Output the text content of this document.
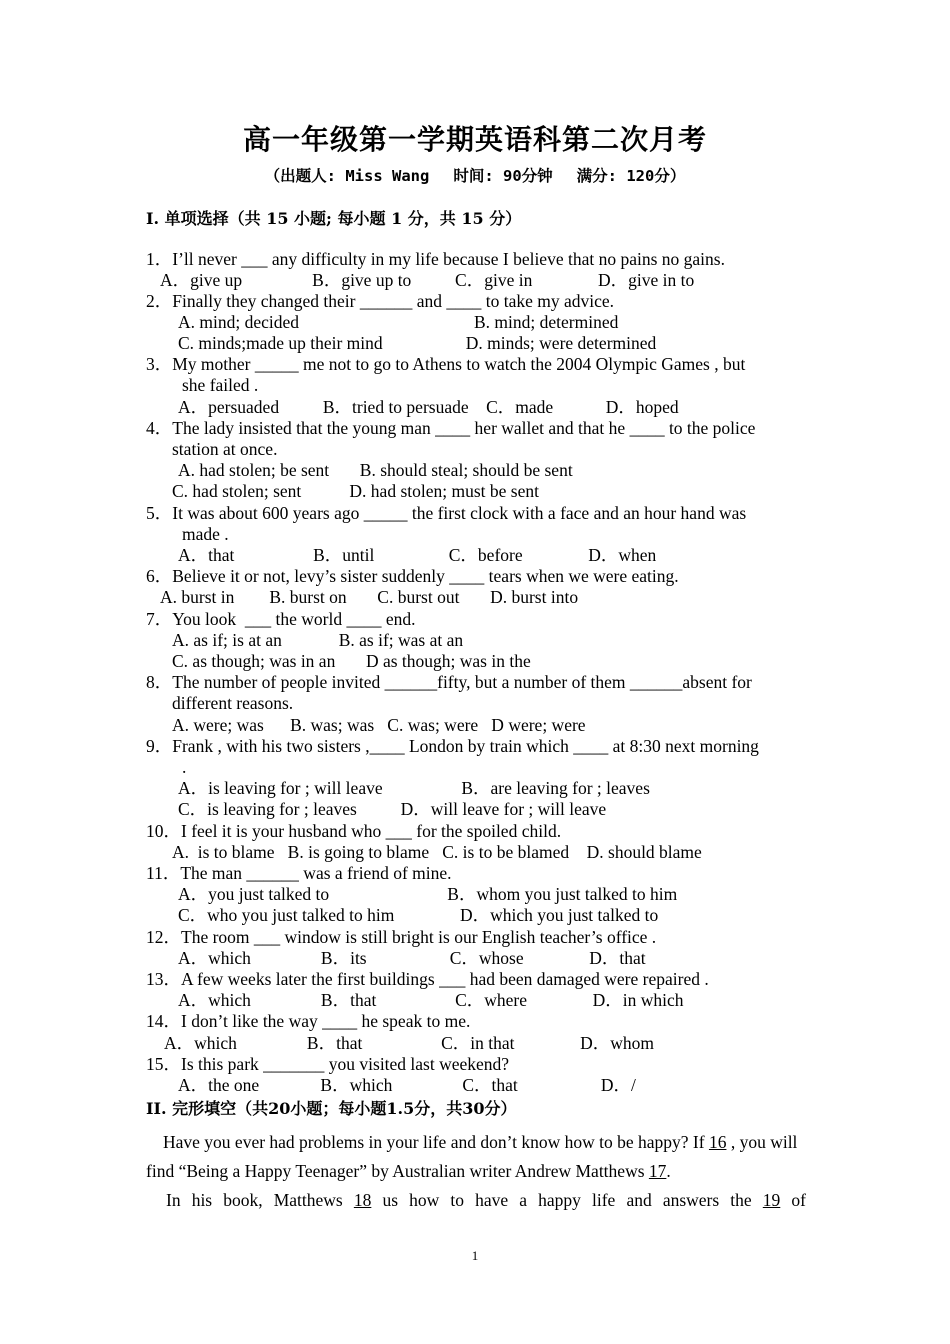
高一年级第一学期英语科第二次月考
（出题人: Miss Wang 时间: 90分钟 满分: 120分）
I. 单项选择（共 15 小题; 每小题 1 分，共 15 分）
1．I’ll never ___ any difficulty in my life because I believe that no pains no gains.
A．give up                B．give up to          C．give in               D．give in to
2．Finally they changed their ______ and ____ to take my advice.
A. mind; decided                                        B. mind; determined
C. minds;made up their mind                   D. minds; were determined
3．My mother _____ me not to go to Athens to watch the 2004 Olympic Games , but
she failed .
A．persuaded          B．tried to persuade    C．made            D．hoped
4．The lady insisted that the young man ____ her wallet and that he ____ to the police
station at once.
A. had stolen; be sent       B. should steal; should be sent
C. had stolen; sent           D. had stolen; must be sent
5．It was about 600 years ago _____ the first clock with a face and an hour hand was
made .
A．that                  B．until                 C．before               D．when
6．Believe it or not, levy’s sister suddenly ____ tears when we were eating.
A. burst in        B. burst on       C. burst out       D. burst into
7．You look  ___ the world ____ end.
A. as if; is at an             B. as if; was at an
C. as though; was in an       D as though; was in the
8．The number of people invited ______fifty, but a number of them ______absent for
different reasons.
A. were; was      B. was; was   C. was; were   D were; were
9．Frank , with his two sisters ,____ London by train which ____ at 8:30 next morning
.
A．is leaving for ; will leave                  B．are leaving for ; leaves
C．is leaving for ; leaves          D．will leave for ; will leave
10．I feel it is your husband who ___ for the spoiled child.
A.  is to blame   B. is going to blame   C. is to be blamed    D. should blame
11．The man ______ was a friend of mine.
A．you just talked to                           B．whom you just talked to him
C．who you just talked to him               D．which you just talked to
12．The room ___ window is still bright is our English teacher’s office .
A．which                B．its                   C．whose               D．that
13．A few weeks later the first buildings ___ had been damaged were repaired .
A．which                B．that                  C．where               D．in which
14．I don’t like the way ____ he speak to me.
A．which                B．that                  C．in that               D．whom
15．Is this park _______ you visited last weekend?
A．the one              B．which                C．that                   D．/
II. 完形填空（共20小题；每小题1.5分，共30分）
Have you ever had problems in your life and don’t know how to be happy? If 16 , you will find “Being a Happy Teenager” by Australian writer Andrew Matthews 17.
In his book, Matthews 18 us how to have a happy life and answers the 19 of
1
